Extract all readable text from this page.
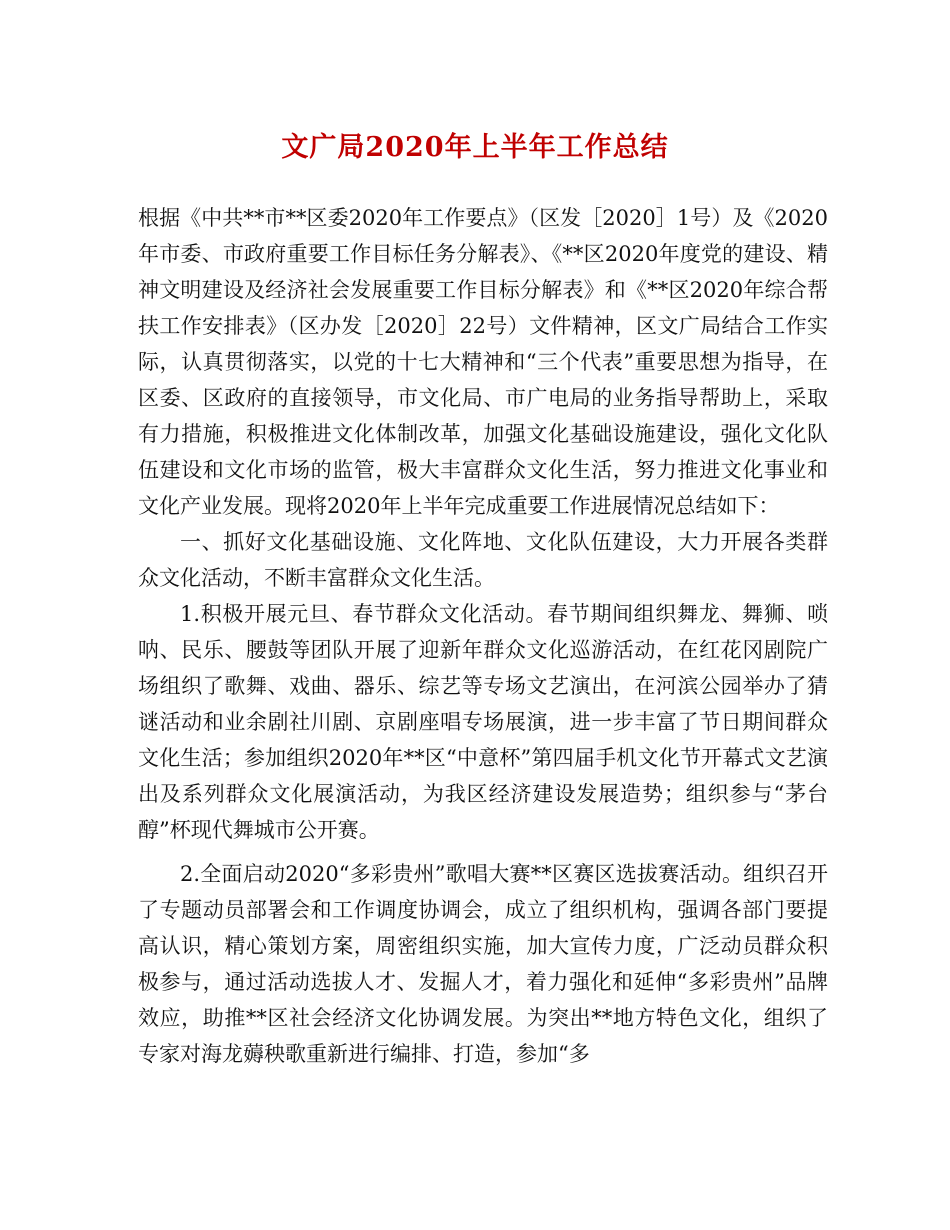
文广局2020年上半年工作总结

根据《中共**市**区委2020年工作要点》（区发［2020］1号）及《2020年市委、市政府重要工作目标任务分解表》、《**区2020年度党的建设、精神文明建设及经济社会发展重要工作目标分解表》和《**区2020年综合帮扶工作安排表》（区办发［2020］22号）文件精神，区文广局结合工作实际，认真贯彻落实，以党的十七大精神和“三个代表”重要思想为指导，在区委、区政府的直接领导，市文化局、市广电局的业务指导帮助上，采取有力措施，积极推进文化体制改革，加强文化基础设施建设，强化文化队伍建设和文化市场的监管，极大丰富群众文化生活，努力推进文化事业和文化产业发展。现将2020年上半年完成重要工作进展情况总结如下：

一、抓好文化基础设施、文化阵地、文化队伍建设，大力开展各类群众文化活动，不断丰富群众文化生活。

1.积极开展元旦、春节群众文化活动。春节期间组织舞龙、舞狮、唢呐、民乐、腰鼓等团队开展了迎新年群众文化巡游活动，在红花冈剧院广场组织了歌舞、戏曲、器乐、综艺等专场文艺演出，在河滨公园举办了猜谜活动和业余剧社川剧、京剧座唱专场展演，进一步丰富了节日期间群众文化生活；参加组织2020年**区“中意杯”第四届手机文化节开幕式文艺演出及系列群众文化展演活动，为我区经济建设发展造势；组织参与“茅台醇”杯现代舞城市公开赛。

2.全面启动2020“多彩贵州”歌唱大赛**区赛区选拔赛活动。组织召开了专题动员部署会和工作调度协调会，成立了组织机构，强调各部门要提高认识，精心策划方案，周密组织实施，加大宣传力度，广泛动员群众积极参与，通过活动选拔人才、发掘人才，着力强化和延伸“多彩贵州”品牌效应，助推**区社会经济文化协调发展。为突出**地方特色文化，组织了专家对海龙薅秧歌重新进行编排、打造，参加“多
